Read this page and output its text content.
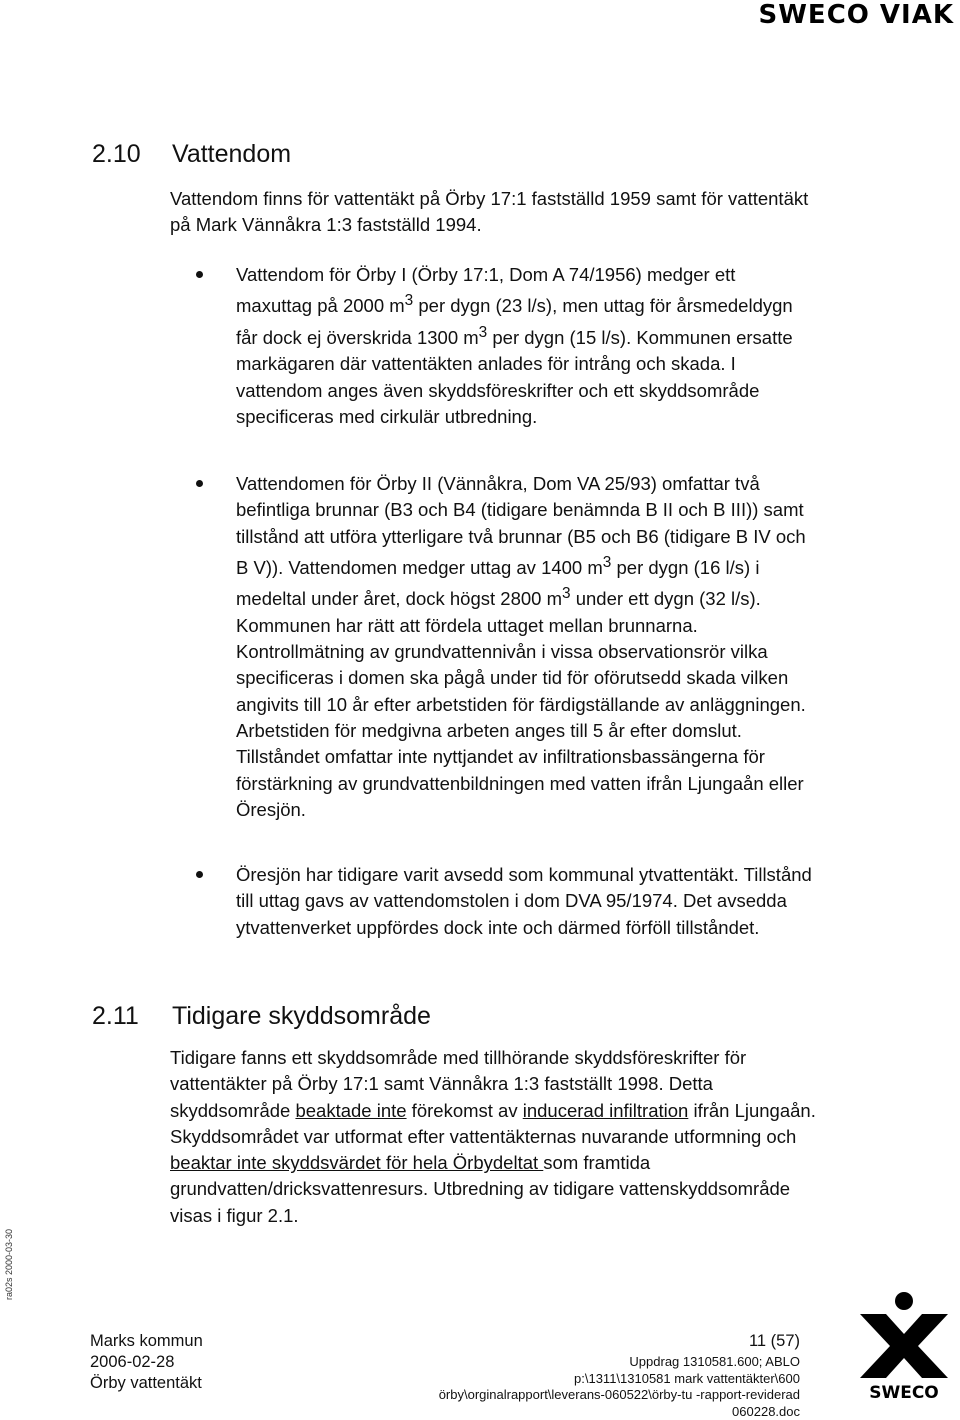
SWECO VIAK
2.10 Vattendom

Vattendom finns för vattentäkt på Örby 17:1 fastställd 1959 samt för vattentäkt på Mark Vännåkra 1:3 fastställd 1994.

Vattendom för Örby I (Örby 17:1, Dom A 74/1956) medger ett maxuttag på 2000 $m^3$ per dygn (23 l/s), men uttag för årsmedeldygn får dock ej överskrida 1300 $m^3$ per dygn (15 l/s). Kommunen ersatte markägaren där vattentäkten anlades för intrång och skada. I vattendom anges även skyddsföreskrifter och ett skyddsområde specificeras med cirkulär utbredning.

Vattendomen för Örby II (Vännåkra, Dom VA 25/93) omfattar två befintliga brunnar (B3 och B4 (tidigare benämnda B II och B III)) samt tillstånd att utföra ytterligare två brunnar (B5 och B6 (tidigare B IV och B V)). Vattendomen medger uttag av 1400 $m^3$ per dygn (16 l/s) i medeltal under året, dock högst 2800 $m^3$ under ett dygn (32 l/s). Kommunen har rätt att fördela uttaget mellan brunnarna. Kontrollmätning av grundvattennivån i vissa observationsrör vilka specificeras i domen ska pågå under tid för oförutsedd skada vilken angivits till 10 år efter arbetstiden för färdigställande av anläggningen. Arbetstiden för medgivna arbeten anges till 5 år efter domslut. Tillståndet omfattar inte nyttjandet av infiltrationsbassängerna för förstärkning av grundvattenbildningen med vatten ifrån Ljungaån eller Öresjön.

Öresjön har tidigare varit avsedd som kommunal ytvattentäkt. Tillstånd till uttag gavs av vattendomstolen i dom DVA 95/1974. Det avsedda ytvattenverket uppfördes dock inte och därmed förföll tillståndet.

2.11 Tidigare skyddsområde

Tidigare fanns ett skyddsområde med tillhörande skyddsföreskrifter för vattentäkter på Örby 17:1 samt Vännåkra 1:3 fastställt 1998. Detta skyddsområde beaktade inte förekomst av inducerad infiltration ifrån Ljungaån. Skyddsområdet var utformat efter vattentäkternas nuvarande utformning och beaktar inte skyddsvärdet för hela Örbydeltat som framtida grundvatten/dricksvattenresurs. Utbredning av tidigare vattenskyddsområde visas i figur 2.1.

ra02s 2000-03-30
Marks kommun
2006-02-28
Örby vattentäkt
11 (57)
Uppdrag 1310581.600; ABLO
p:\1311\1310581 mark vattentäkter\600
örby\orginalrapport\leverans-060522\örby-tu -rapport-reviderad
060228.doc
SWECO
